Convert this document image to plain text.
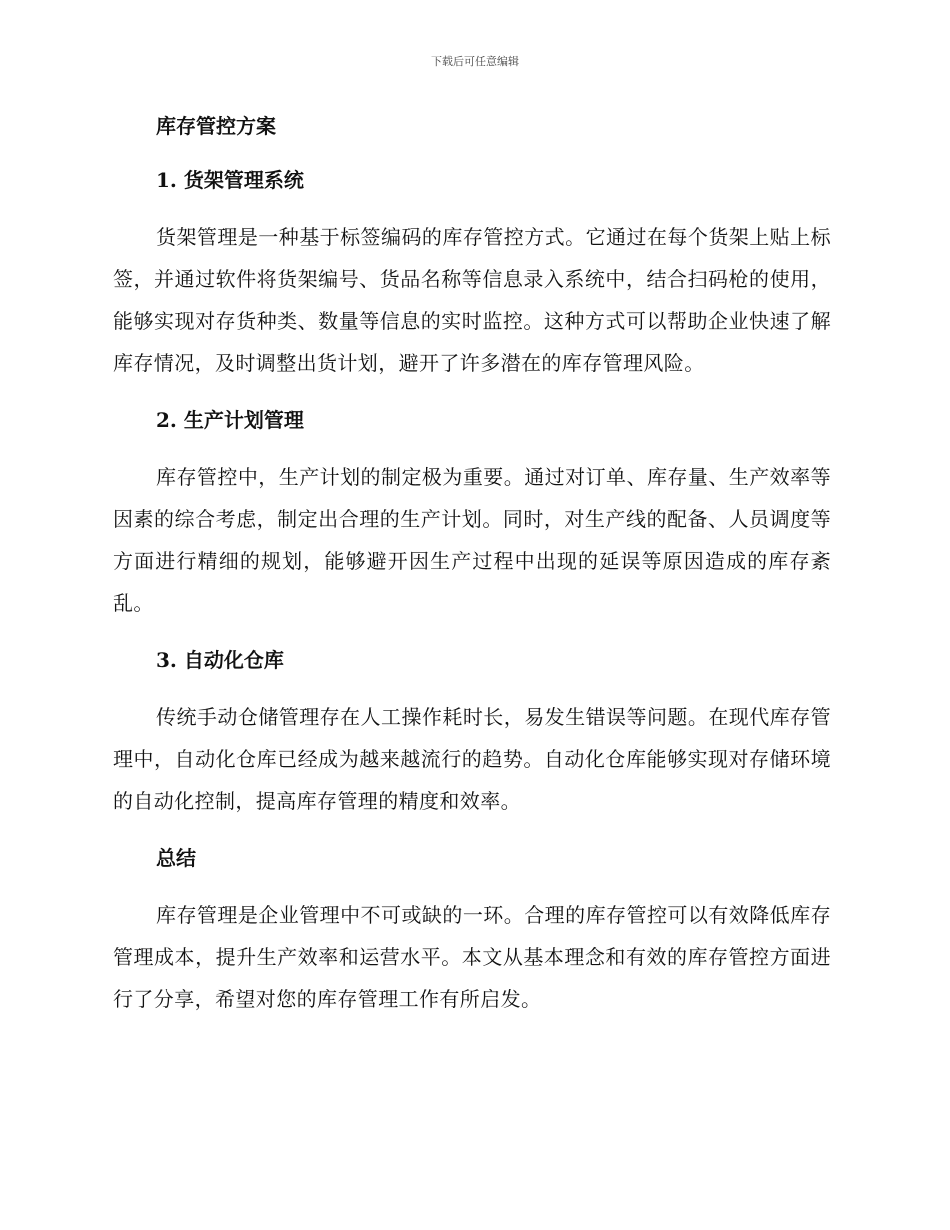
下载后可任意编辑
库存管控方案
1. 货架管理系统

货架管理是一种基于标签编码的库存管控方式。它通过在每个货架上贴上标签，并通过软件将货架编号、货品名称等信息录入系统中，结合扫码枪的使用，能够实现对存货种类、数量等信息的实时监控。这种方式可以帮助企业快速了解库存情况，及时调整出货计划，避开了许多潜在的库存管理风险。

2. 生产计划管理

库存管控中，生产计划的制定极为重要。通过对订单、库存量、生产效率等因素的综合考虑，制定出合理的生产计划。同时，对生产线的配备、人员调度等方面进行精细的规划，能够避开因生产过程中出现的延误等原因造成的库存紊乱。

3. 自动化仓库

传统手动仓储管理存在人工操作耗时长，易发生错误等问题。在现代库存管理中，自动化仓库已经成为越来越流行的趋势。自动化仓库能够实现对存储环境的自动化控制，提高库存管理的精度和效率。

总结

库存管理是企业管理中不可或缺的一环。合理的库存管控可以有效降低库存管理成本，提升生产效率和运营水平。本文从基本理念和有效的库存管控方面进行了分享，希望对您的库存管理工作有所启发。
